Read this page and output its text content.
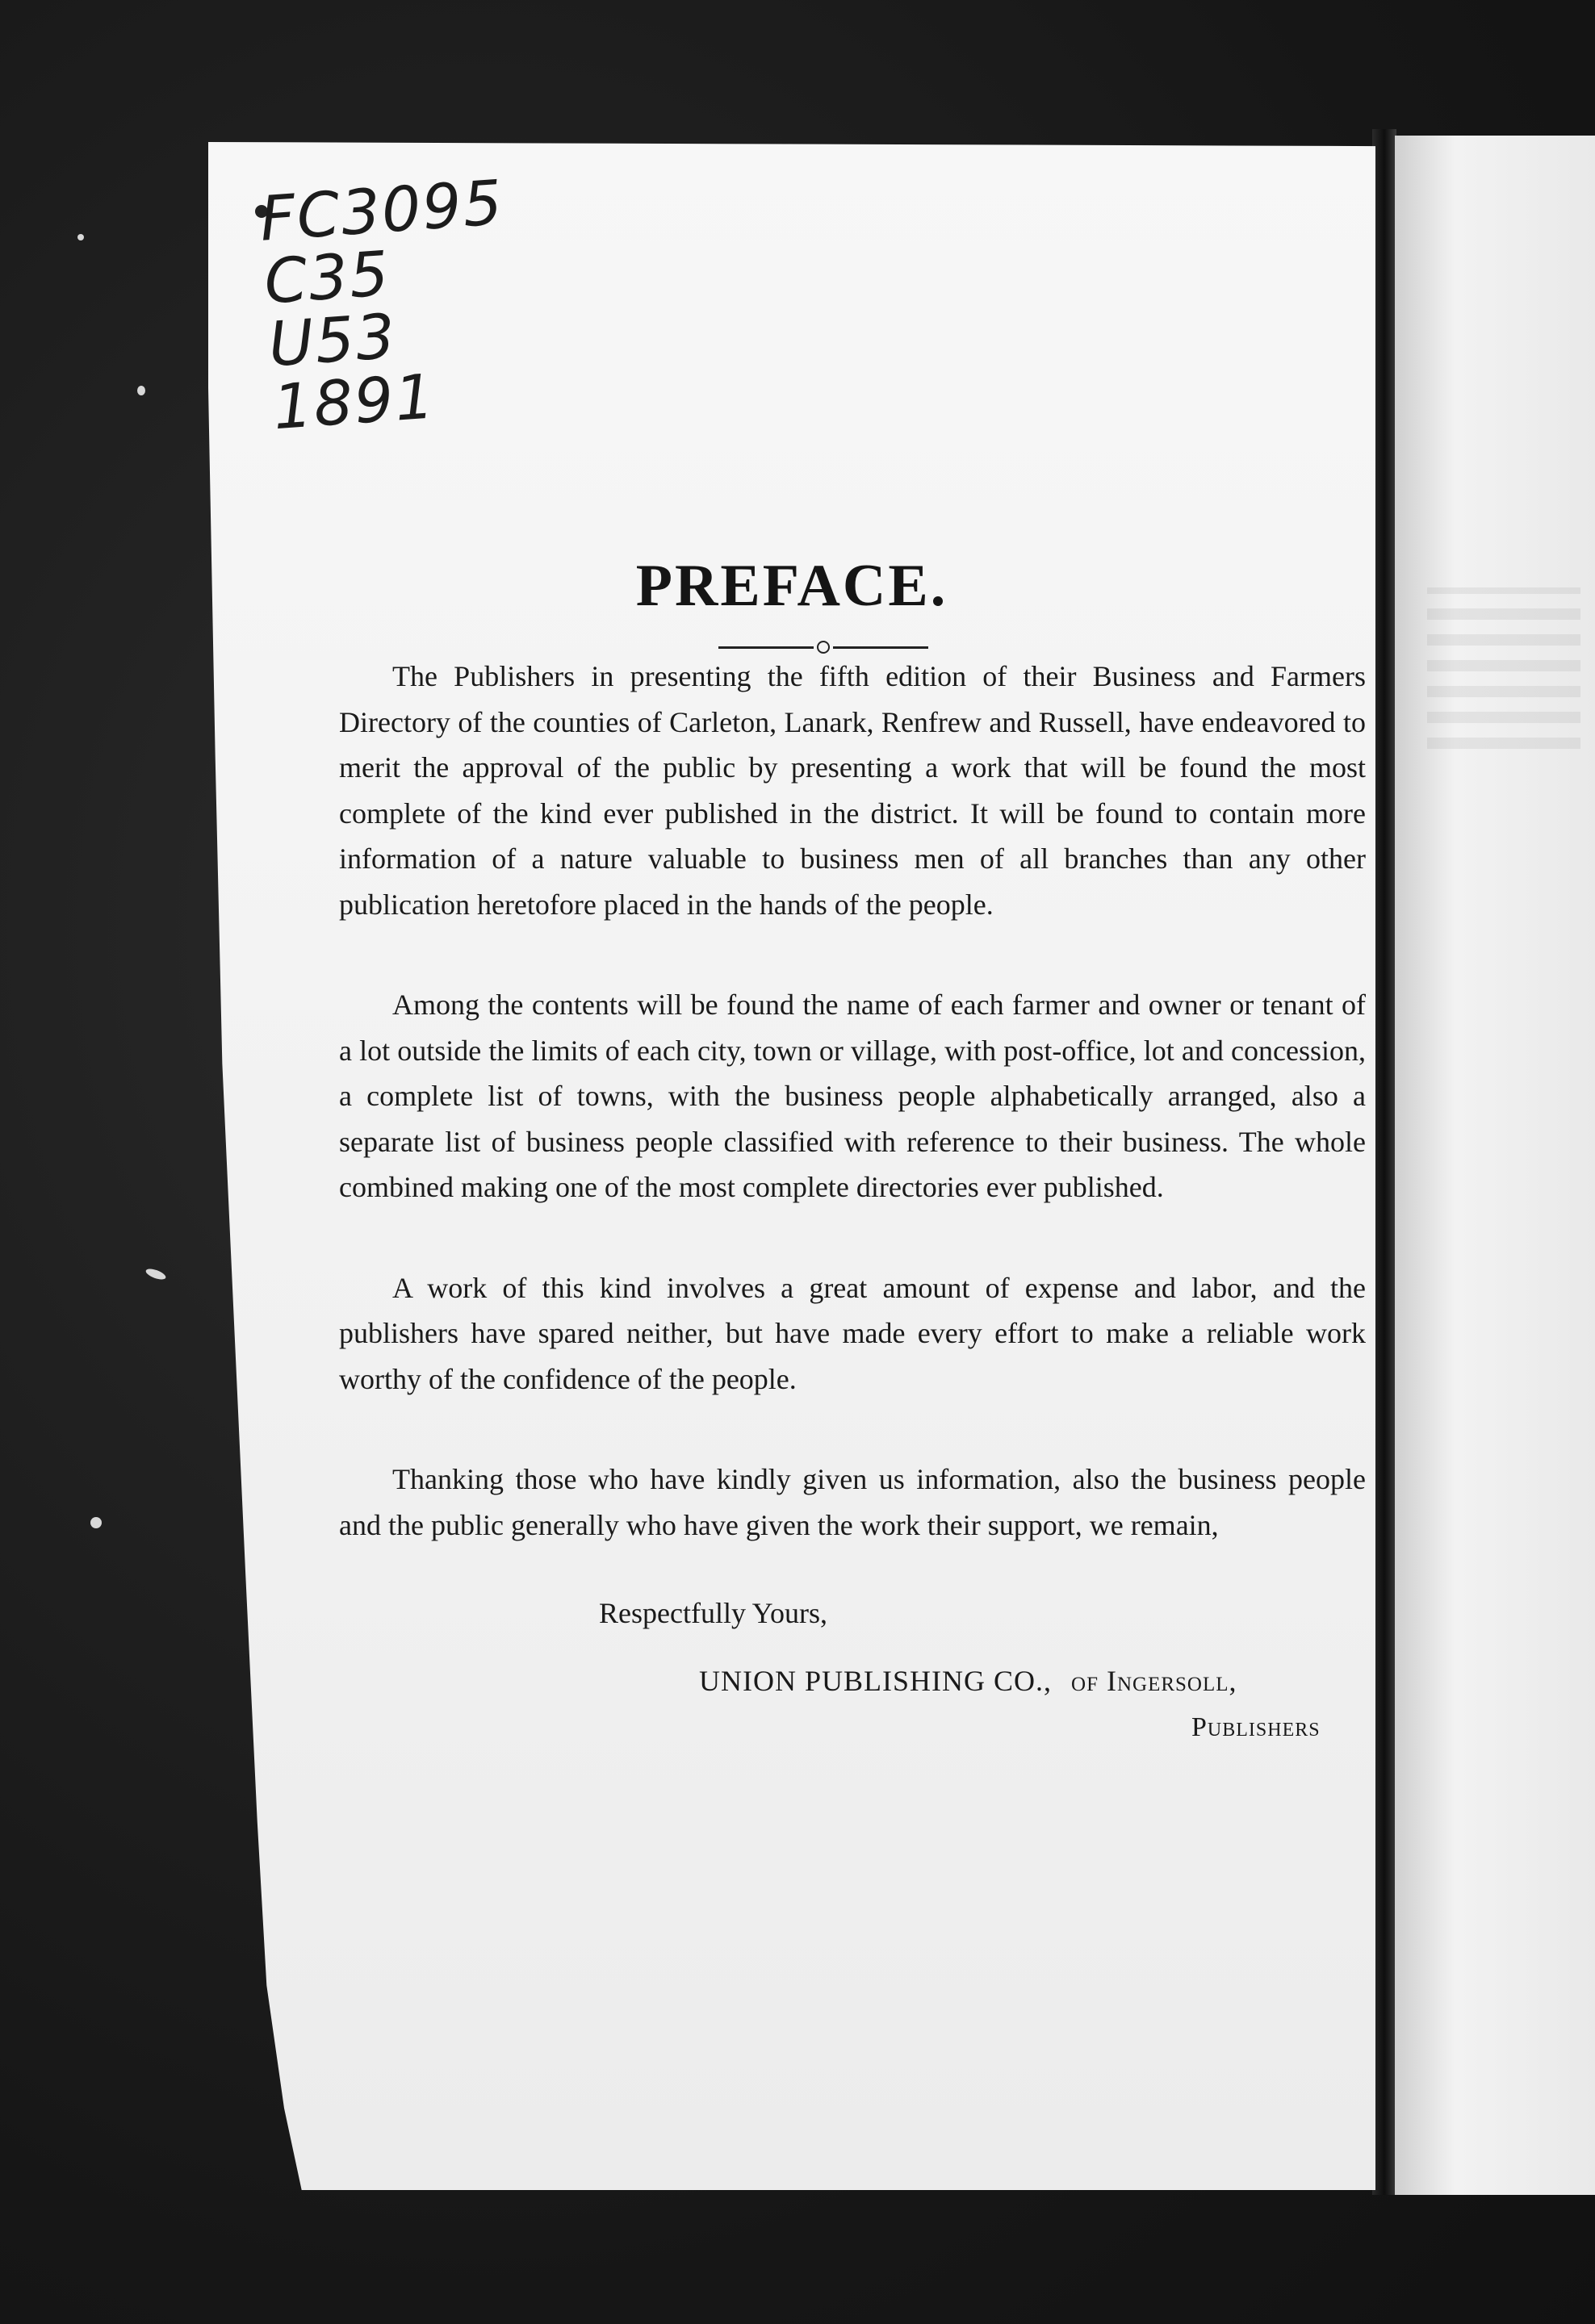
FC3095
C35
U53
1891
PREFACE.

The Publishers in presenting the fifth edition of their Business and Farmers Directory of the counties of Carleton, Lanark, Renfrew and Russell, have endeavored to merit the approval of the public by presenting a work that will be found the most complete of the kind ever published in the district. It will be found to contain more information of a nature valuable to business men of all branches than any other publication heretofore placed in the hands of the people.

Among the contents will be found the name of each farmer and owner or tenant of a lot outside the limits of each city, town or village, with post-office, lot and concession, a complete list of towns, with the business people alphabetically arranged, also a separate list of business people classified with reference to their business. The whole combined making one of the most complete directories ever published.

A work of this kind involves a great amount of expense and labor, and the publishers have spared neither, but have made every effort to make a reliable work worthy of the confidence of the people.

Thanking those who have kindly given us information, also the business people and the public generally who have given the work their support, we remain,

Respectfully Yours,

UNION PUBLISHING CO., of Ingersoll,

Publishers
